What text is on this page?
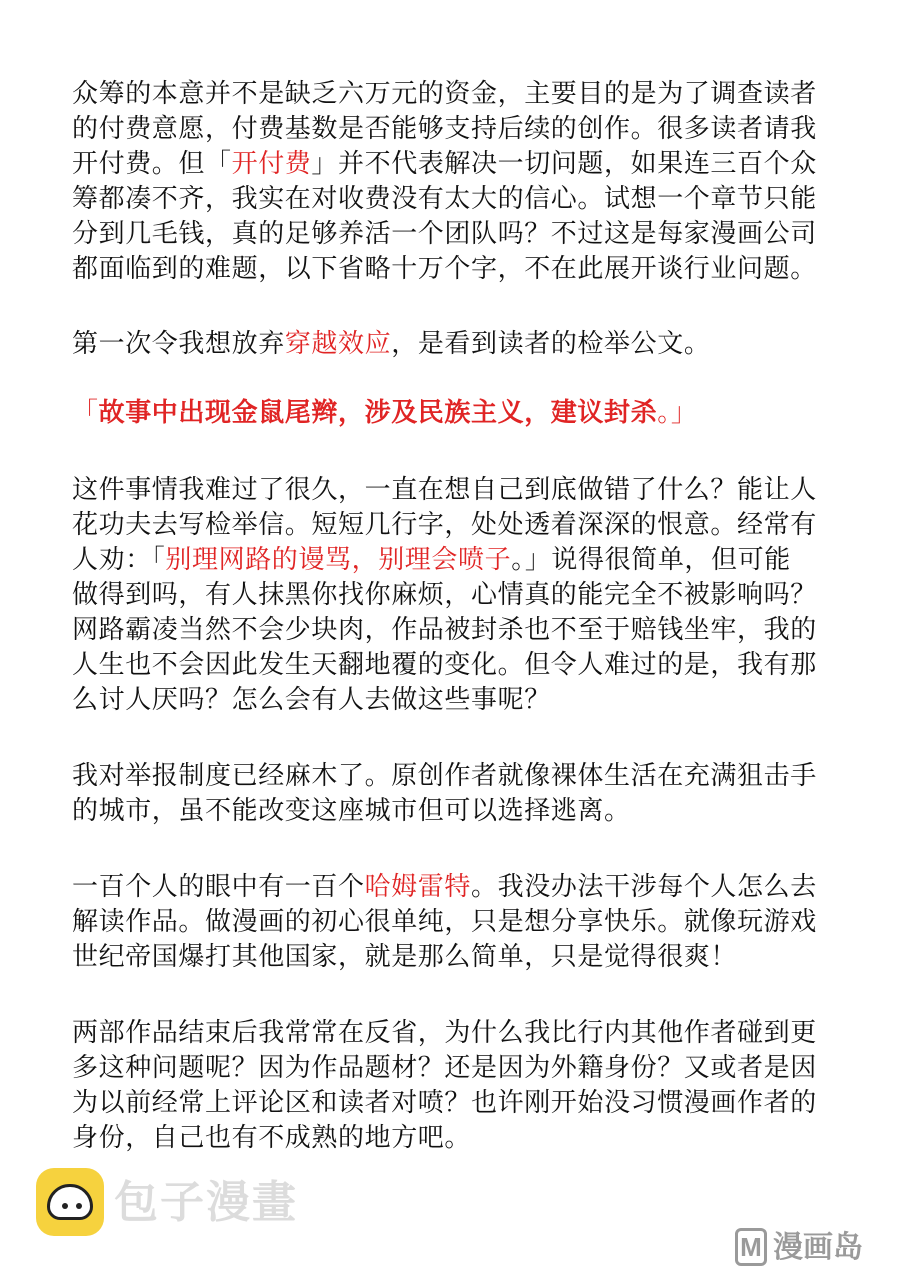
众筹的本意并不是缺乏六万元的资金，主要目的是为了调查读者
的付费意愿，付费基数是否能够支持后续的创作。很多读者请我
开付费。但「开付费」并不代表解决一切问题，如果连三百个众
筹都凑不齐，我实在对收费没有太大的信心。试想一个章节只能
分到几毛钱，真的足够养活一个团队吗？不过这是每家漫画公司
都面临到的难题，以下省略十万个字，不在此展开谈行业问题。
第一次令我想放弃穿越效应，是看到读者的检举公文。
「故事中出现金鼠尾辫，涉及民族主义，建议封杀。」
这件事情我难过了很久，一直在想自己到底做错了什么？能让人
花功夫去写检举信。短短几行字，处处透着深深的恨意。经常有
人劝：「别理网路的谩骂，别理会喷子。」说得很简单，但可能
做得到吗，有人抹黑你找你麻烦，心情真的能完全不被影响吗？
网路霸凌当然不会少块肉，作品被封杀也不至于赔钱坐牢，我的
人生也不会因此发生天翻地覆的变化。但令人难过的是，我有那
么讨人厌吗？怎么会有人去做这些事呢？
我对举报制度已经麻木了。原创作者就像裸体生活在充满狙击手
的城市，虽不能改变这座城市但可以选择逃离。
一百个人的眼中有一百个哈姆雷特。我没办法干涉每个人怎么去
解读作品。做漫画的初心很单纯，只是想分享快乐。就像玩游戏
世纪帝国爆打其他国家，就是那么简单，只是觉得很爽！
两部作品结束后我常常在反省，为什么我比行内其他作者碰到更
多这种问题呢？因为作品题材？还是因为外籍身份？又或者是因
为以前经常上评论区和读者对喷？也许刚开始没习惯漫画作者的
身份，自己也有不成熟的地方吧。
包子漫畫
M 漫画岛
